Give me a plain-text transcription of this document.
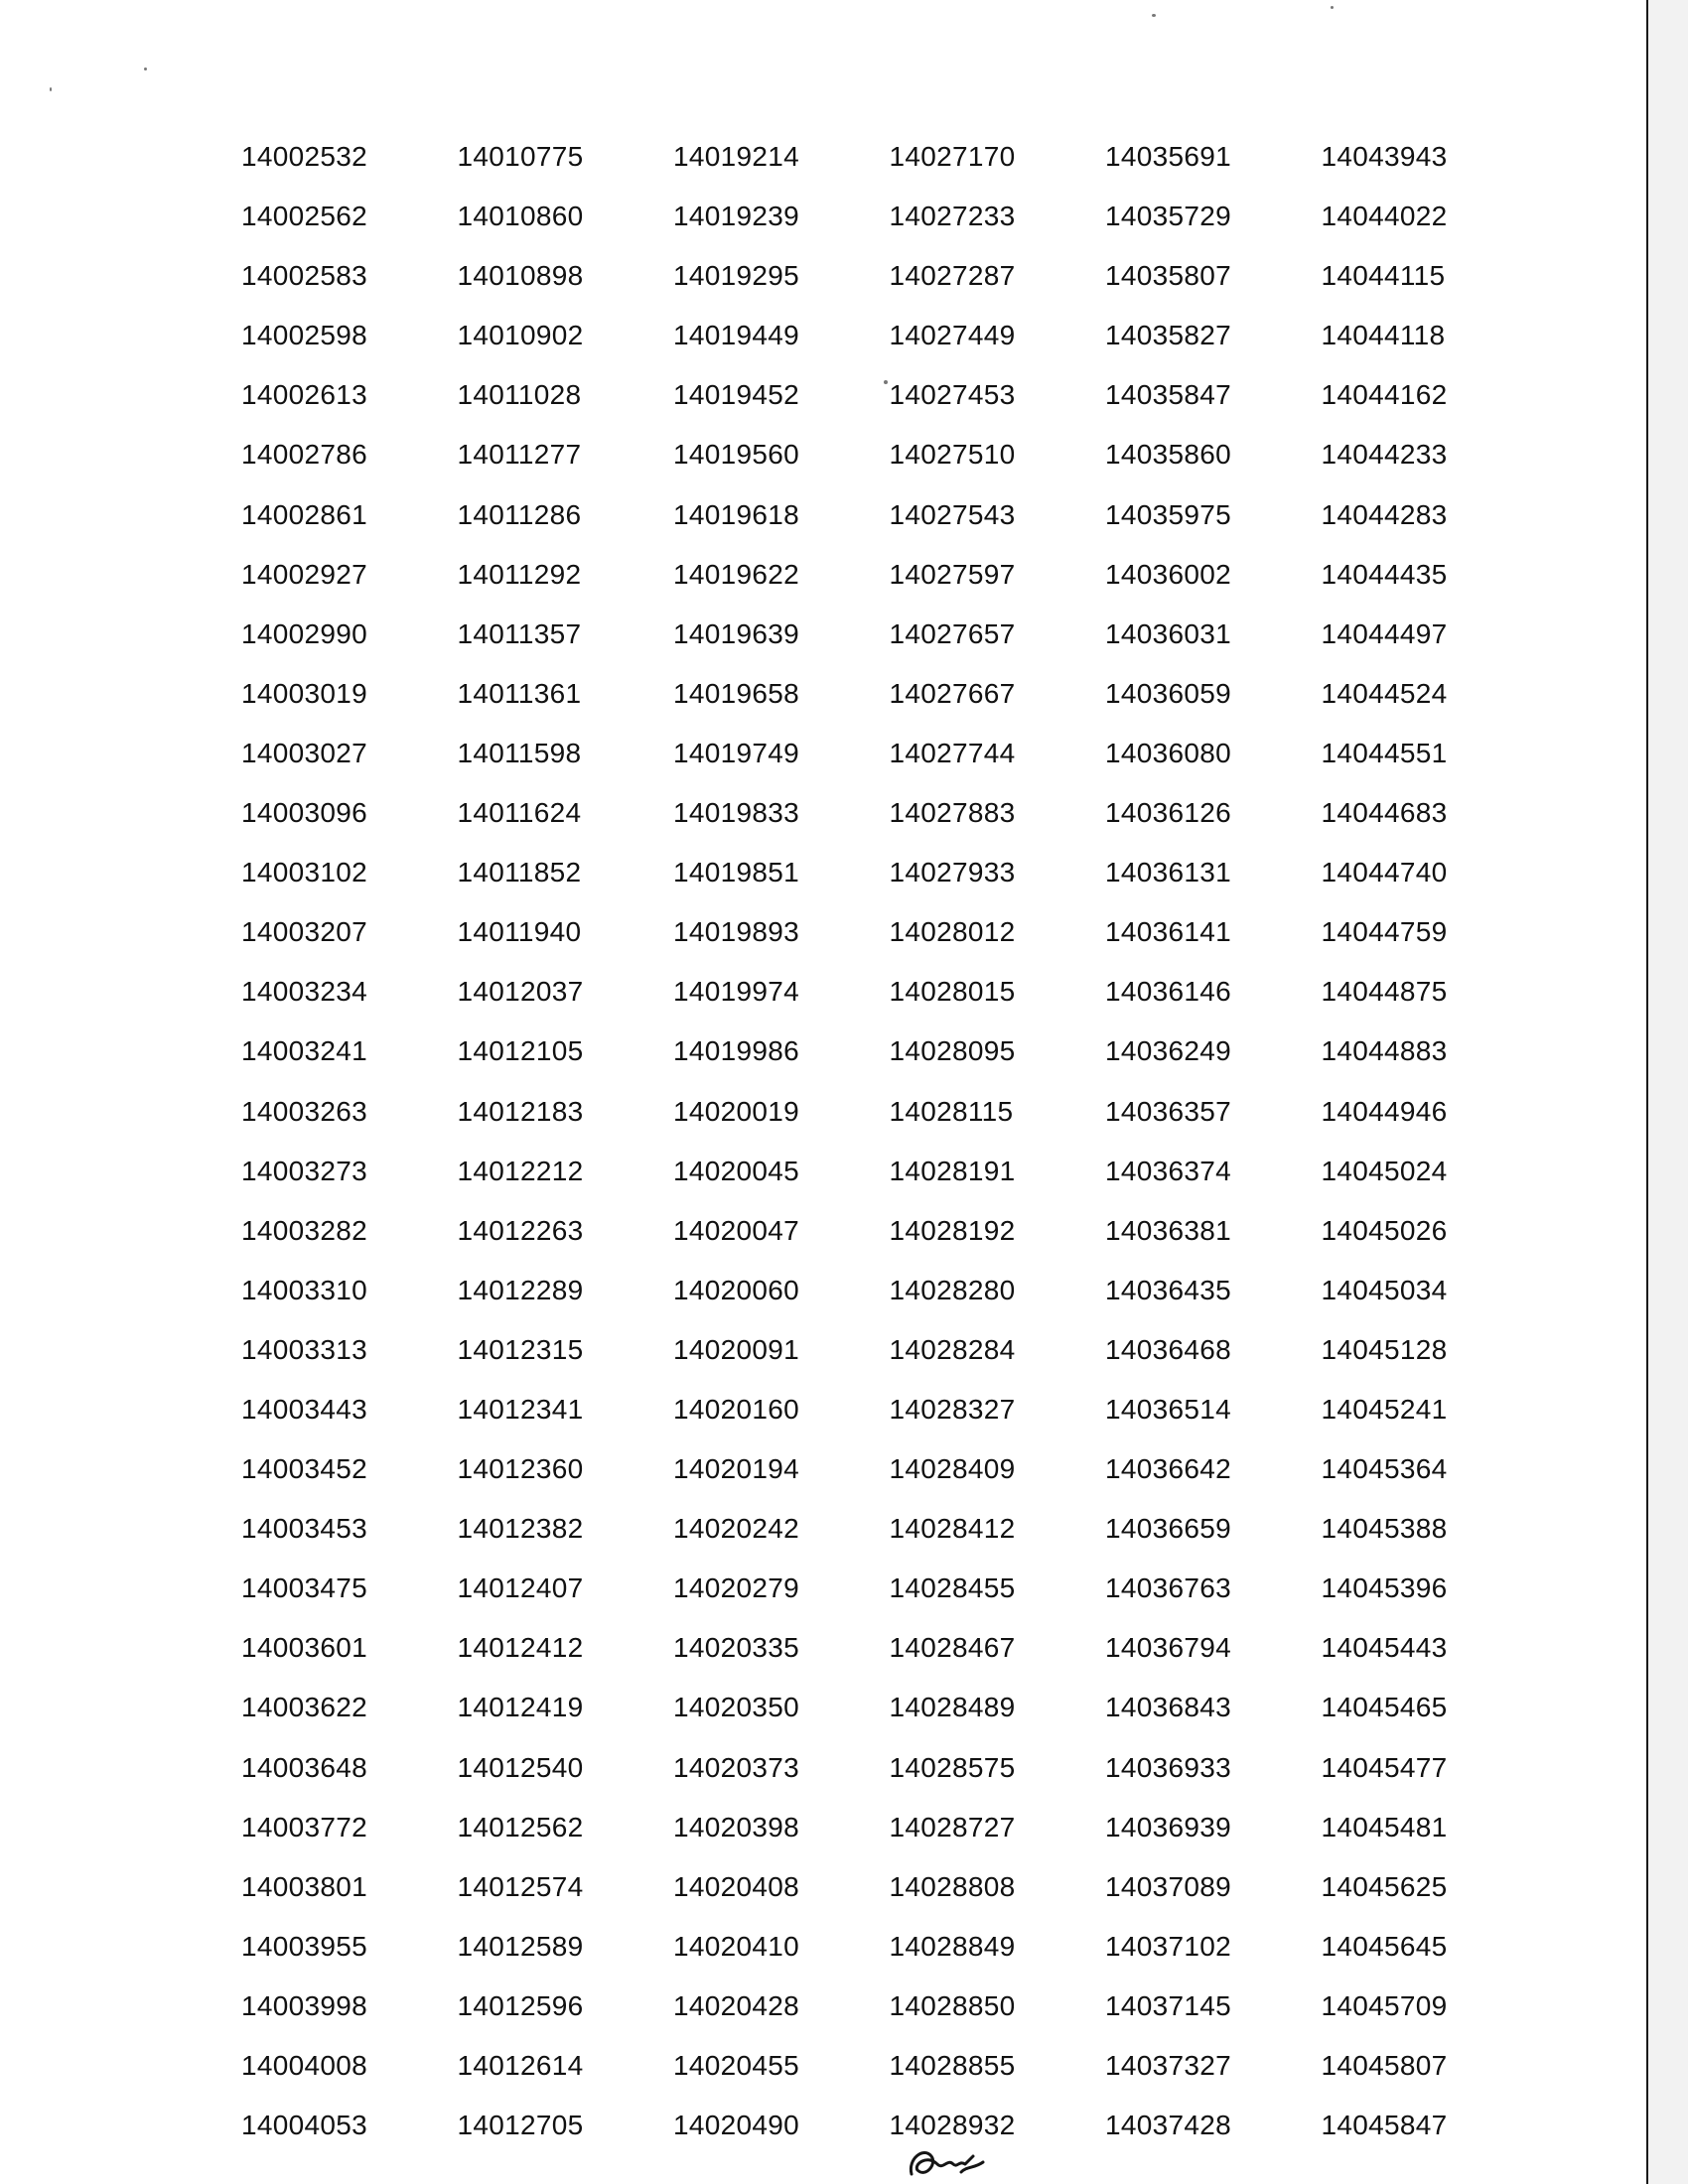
14002532	14010775	14019214	14027170	14035691	14043943
14002562	14010860	14019239	14027233	14035729	14044022
14002583	14010898	14019295	14027287	14035807	14044115
14002598	14010902	14019449	14027449	14035827	14044118
14002613	14011028	14019452	14027453	14035847	14044162
14002786	14011277	14019560	14027510	14035860	14044233
14002861	14011286	14019618	14027543	14035975	14044283
14002927	14011292	14019622	14027597	14036002	14044435
14002990	14011357	14019639	14027657	14036031	14044497
14003019	14011361	14019658	14027667	14036059	14044524
14003027	14011598	14019749	14027744	14036080	14044551
14003096	14011624	14019833	14027883	14036126	14044683
14003102	14011852	14019851	14027933	14036131	14044740
14003207	14011940	14019893	14028012	14036141	14044759
14003234	14012037	14019974	14028015	14036146	14044875
14003241	14012105	14019986	14028095	14036249	14044883
14003263	14012183	14020019	14028115	14036357	14044946
14003273	14012212	14020045	14028191	14036374	14045024
14003282	14012263	14020047	14028192	14036381	14045026
14003310	14012289	14020060	14028280	14036435	14045034
14003313	14012315	14020091	14028284	14036468	14045128
14003443	14012341	14020160	14028327	14036514	14045241
14003452	14012360	14020194	14028409	14036642	14045364
14003453	14012382	14020242	14028412	14036659	14045388
14003475	14012407	14020279	14028455	14036763	14045396
14003601	14012412	14020335	14028467	14036794	14045443
14003622	14012419	14020350	14028489	14036843	14045465
14003648	14012540	14020373	14028575	14036933	14045477
14003772	14012562	14020398	14028727	14036939	14045481
14003801	14012574	14020408	14028808	14037089	14045625
14003955	14012589	14020410	14028849	14037102	14045645
14003998	14012596	14020428	14028850	14037145	14045709
14004008	14012614	14020455	14028855	14037327	14045807
14004053	14012705	14020490	14028932	14037428	14045847
